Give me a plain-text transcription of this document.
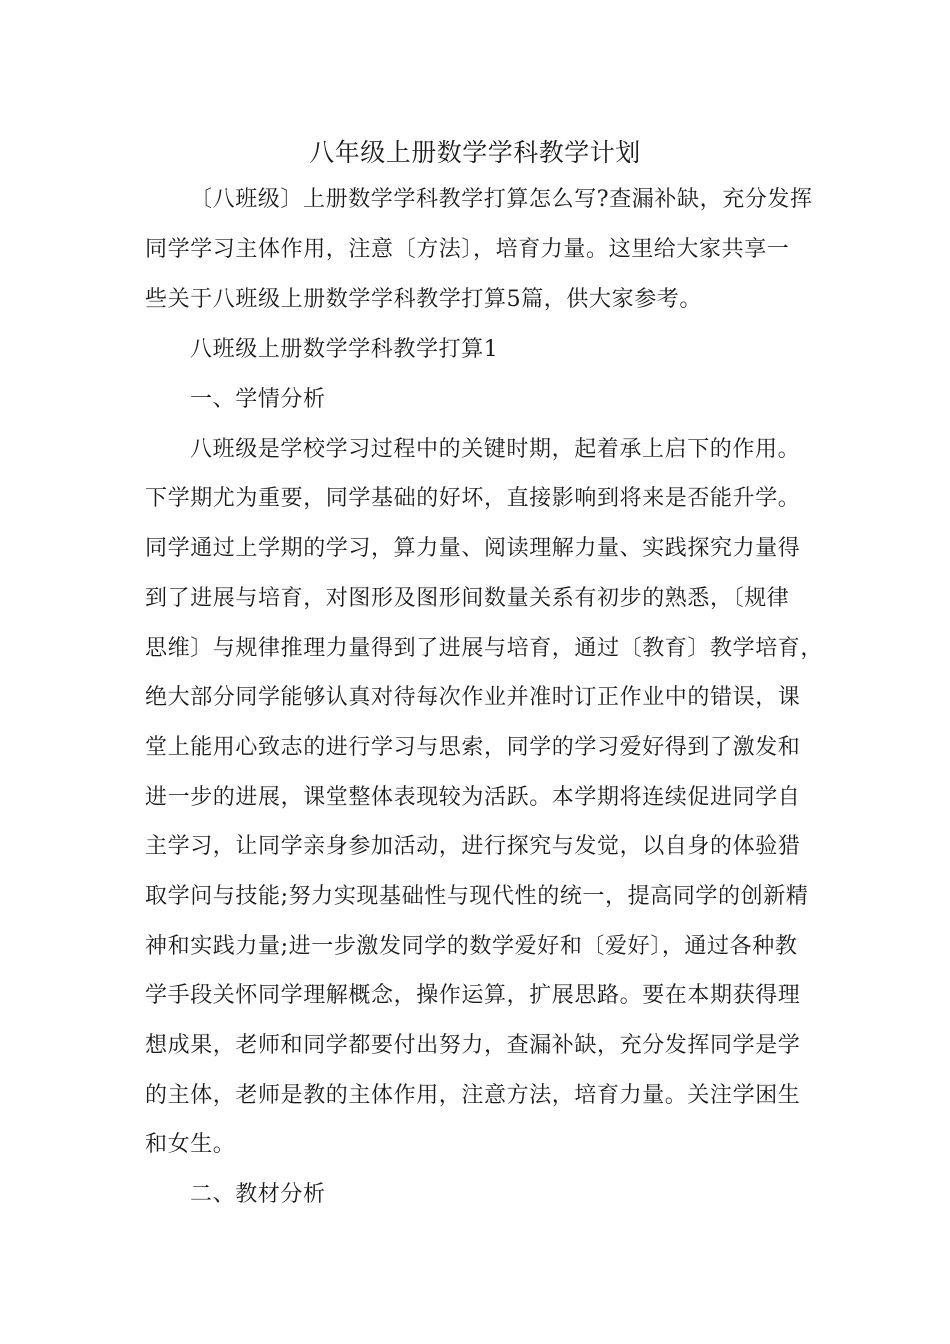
八年级上册数学学科教学计划
〔八班级〕上册数学学科教学打算怎么写?查漏补缺，充分发挥
同学学习主体作用，注意〔方法〕，培育力量。这里给大家共享一
些关于八班级上册数学学科教学打算5篇，供大家参考。
八班级上册数学学科教学打算1
一、学情分析
八班级是学校学习过程中的关键时期，起着承上启下的作用。
下学期尤为重要，同学基础的好坏，直接影响到将来是否能升学。
同学通过上学期的学习，算力量、阅读理解力量、实践探究力量得
到了进展与培育，对图形及图形间数量关系有初步的熟悉，〔规律
思维〕与规律推理力量得到了进展与培育，通过〔教育〕教学培育，
绝大部分同学能够认真对待每次作业并准时订正作业中的错误，课
堂上能用心致志的进行学习与思索，同学的学习爱好得到了激发和
进一步的进展，课堂整体表现较为活跃。本学期将连续促进同学自
主学习，让同学亲身参加活动，进行探究与发觉，以自身的体验猎
取学问与技能;努力实现基础性与现代性的统一，提高同学的创新精
神和实践力量;进一步激发同学的数学爱好和〔爱好〕，通过各种教
学手段关怀同学理解概念，操作运算，扩展思路。要在本期获得理
想成果，老师和同学都要付出努力，查漏补缺，充分发挥同学是学
的主体，老师是教的主体作用，注意方法，培育力量。关注学困生
和女生。
二、教材分析
